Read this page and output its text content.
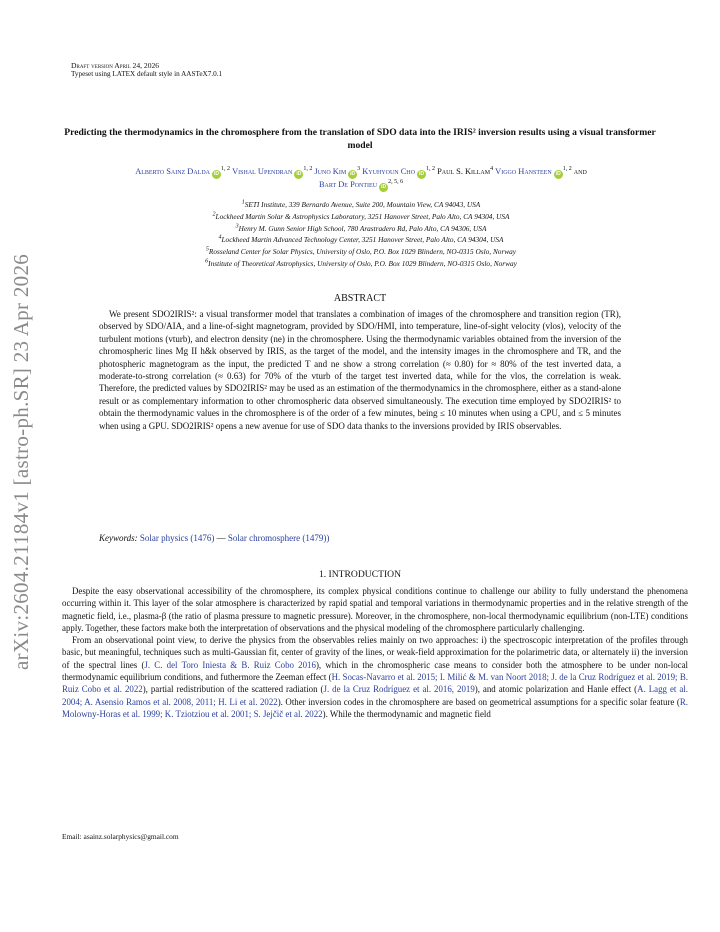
Draft version April 24, 2026
Typeset using LATEX default style in AASTeX7.0.1
arXiv:2604.21184v1 [astro-ph.SR] 23 Apr 2026
Predicting the thermodynamics in the chromosphere from the translation of SDO data into the IRIS² inversion results using a visual transformer model
Alberto Sainz Dalda iD$^{1, 2}$ Vishal Upendran iD$^{1, 2}$ Juno Kim $iD^3$ Kyuhyoun Cho iD$^{1, 2}$ Paul S. Killam$^4$ Viggo Hansteen iD$^{1, 2}$ and
Bart De Pontieu iD$^{2, 5, 6}$
$^1$SETI Institute, 339 Bernardo Avenue, Suite 200, Mountain View, CA 94043, USA
$^2$Lockheed Martin Solar & Astrophysics Laboratory, 3251 Hanover Street, Palo Alto, CA 94304, USA
$^3$Henry M. Gunn Senior High School, 780 Arastradero Rd, Palo Alto, CA 94306, USA
$^4$Lockheed Martin Advanced Technology Center, 3251 Hanover Street, Palo Alto, CA 94304, USA
$^5$Rosseland Center for Solar Physics, University of Oslo, P.O. Box 1029 Blindern, NO-0315 Oslo, Norway
$^6$Institute of Theoretical Astrophysics, University of Oslo, P.O. Box 1029 Blindern, NO-0315 Oslo, Norway
ABSTRACT
We present SDO2IRIS²: a visual transformer model that translates a combination of images of the chromosphere and transition region (TR), observed by SDO/AIA, and a line-of-sight magnetogram, provided by SDO/HMI, into temperature, line-of-sight velocity (vlos), velocity of the turbulent motions (vturb), and electron density (ne) in the chromosphere. Using the thermodynamic variables obtained from the inversion of the chromospheric lines Mg II h&k observed by IRIS, as the target of the model, and the intensity images in the chromosphere and TR, and the photospheric magnetogram as the input, the predicted T and ne show a strong correlation (≈ 0.80) for ≈ 80% of the test inverted data, a moderate-to-strong correlation (≈ 0.63) for 70% of the vturb of the target test inverted data, while for the vlos, the correlation is weak. Therefore, the predicted values by SDO2IRIS² may be used as an estimation of the thermodynamics in the chromosphere, either as a stand-alone result or as complementary information to other chromospheric data observed simultaneously. The execution time employed by SDO2IRIS² to obtain the thermodynamic values in the chromosphere is of the order of a few minutes, being ≤ 10 minutes when using a CPU, and ≤ 5 minutes when using a GPU. SDO2IRIS² opens a new avenue for use of SDO data thanks to the inversions provided by IRIS observables.
Keywords: Solar physics (1476) — Solar chromosphere (1479))
1. INTRODUCTION

Despite the easy observational accessibility of the chromosphere, its complex physical conditions continue to challenge our ability to fully understand the phenomena occurring within it. This layer of the solar atmosphere is characterized by rapid spatial and temporal variations in thermodynamic properties and in the relative strength of the magnetic field, i.e., plasma-β (the ratio of plasma pressure to magnetic pressure). Moreover, in the chromosphere, non-local thermodynamic equilibrium (non-LTE) conditions apply. Together, these factors make both the interpretation of observations and the physical modeling of the chromosphere particularly challenging.

From an observational point view, to derive the physics from the observables relies mainly on two approaches: i) the spectroscopic interpretation of the profiles through basic, but meaningful, techniques such as multi-Gaussian fit, center of gravity of the lines, or weak-field approximation for the polarimetric data, or alternately ii) the inversion of the spectral lines (J. C. del Toro Iniesta & B. Ruiz Cobo 2016), which in the chromospheric case means to consider both the atmosphere to be under non-local thermodynamic equilibrium conditions, and futhermore the Zeeman effect (H. Socas-Navarro et al. 2015; I. Milić & M. van Noort 2018; J. de la Cruz Rodríguez et al. 2019; B. Ruiz Cobo et al. 2022), partial redistribution of the scattered radiation (J. de la Cruz Rodríguez et al. 2016, 2019), and atomic polarization and Hanle effect (A. Lagg et al. 2004; A. Asensio Ramos et al. 2008, 2011; H. Li et al. 2022). Other inversion codes in the chromosphere are based on geometrical assumptions for a specific solar feature (R. Molowny-Horas et al. 1999; K. Tziotziou et al. 2001; S. Jejčič et al. 2022). While the thermodynamic and magnetic field

Email: asainz.solarphysics@gmail.com
